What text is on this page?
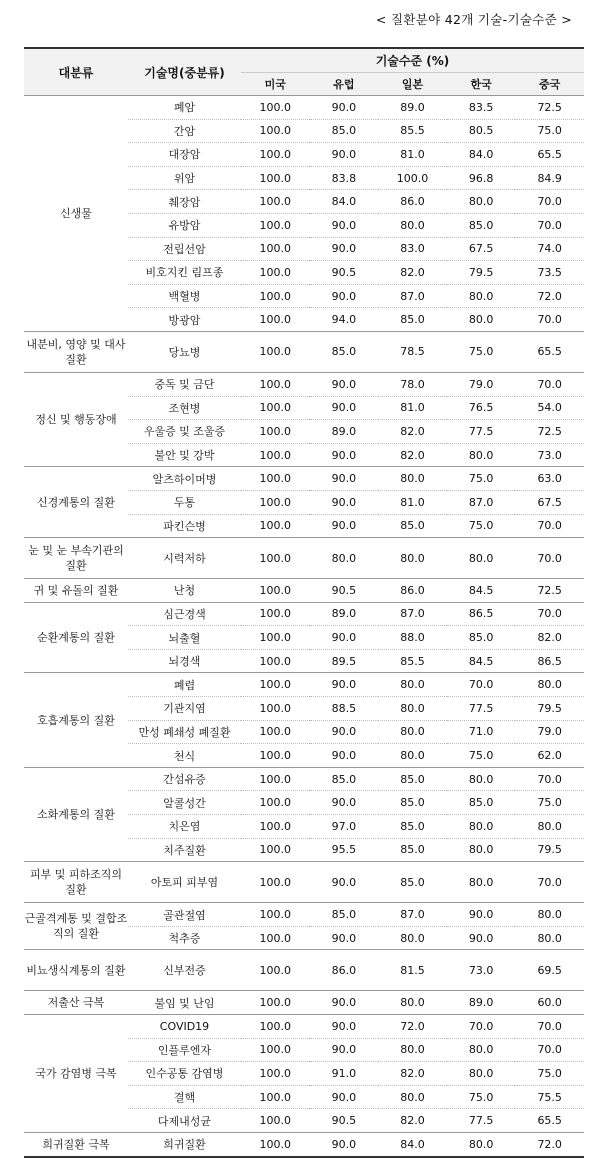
< 질환분야 42개 기술-기술수준 >
대분류	기술명(중분류)	기술수준 (%)				
		미국	유럽	일본	한국	중국
신생물	폐암	100.0	90.0	89.0	83.5	72.5
	간암	100.0	85.0	85.5	80.5	75.0
	대장암	100.0	90.0	81.0	84.0	65.5
	위암	100.0	83.8	100.0	96.8	84.9
	췌장암	100.0	84.0	86.0	80.0	70.0
	유방암	100.0	90.0	80.0	85.0	70.0
	전립선암	100.0	90.0	83.0	67.5	74.0
	비호지킨 림프종	100.0	90.5	82.0	79.5	73.5
	백혈병	100.0	90.0	87.0	80.0	72.0
	방광암	100.0	94.0	85.0	80.0	70.0
내분비, 영양 및 대사 질환	당뇨병	100.0	85.0	78.5	75.0	65.5
정신 및 행동장애	중독 및 금단	100.0	90.0	78.0	79.0	70.0
	조현병	100.0	90.0	81.0	76.5	54.0
	우울증 및 조울증	100.0	89.0	82.0	77.5	72.5
	불안 및 강박	100.0	90.0	82.0	80.0	73.0
신경계통의 질환	알츠하이머병	100.0	90.0	80.0	75.0	63.0
	두통	100.0	90.0	81.0	87.0	67.5
	파킨슨병	100.0	90.0	85.0	75.0	70.0
눈 및 눈 부속기관의 질환	시력저하	100.0	80.0	80.0	80.0	70.0
귀 및 유돌의 질환	난청	100.0	90.5	86.0	84.5	72.5
순환계통의 질환	심근경색	100.0	89.0	87.0	86.5	70.0
	뇌출혈	100.0	90.0	88.0	85.0	82.0
	뇌경색	100.0	89.5	85.5	84.5	86.5
호흡계통의 질환	폐렴	100.0	90.0	80.0	70.0	80.0
	기관지염	100.0	88.5	80.0	77.5	79.5
	만성 폐쇄성 폐질환	100.0	90.0	80.0	71.0	79.0
	천식	100.0	90.0	80.0	75.0	62.0
소화계통의 질환	간섬유증	100.0	85.0	85.0	80.0	70.0
	알콜성간	100.0	90.0	85.0	85.0	75.0
	치은염	100.0	97.0	85.0	80.0	80.0
	치주질환	100.0	95.5	85.0	80.0	79.5
피부 및 피하조직의 질환	아토피 피부염	100.0	90.0	85.0	80.0	70.0
근골격계통 및 결합조직의 질환	골관절염	100.0	85.0	87.0	90.0	80.0
	척추증	100.0	90.0	80.0	90.0	80.0
비뇨생식계통의 질환	신부전증	100.0	86.0	81.5	73.0	69.5
저출산 극복	불임 및 난임	100.0	90.0	80.0	89.0	60.0
국가 감염병 극복	COVID19	100.0	90.0	72.0	70.0	70.0
	인플루엔자	100.0	90.0	80.0	80.0	70.0
	인수공통 감염병	100.0	91.0	82.0	80.0	75.0
	결핵	100.0	90.0	80.0	75.0	75.5
	다제내성균	100.0	90.5	82.0	77.5	65.5
희귀질환 극복	희귀질환	100.0	90.0	84.0	80.0	72.0
